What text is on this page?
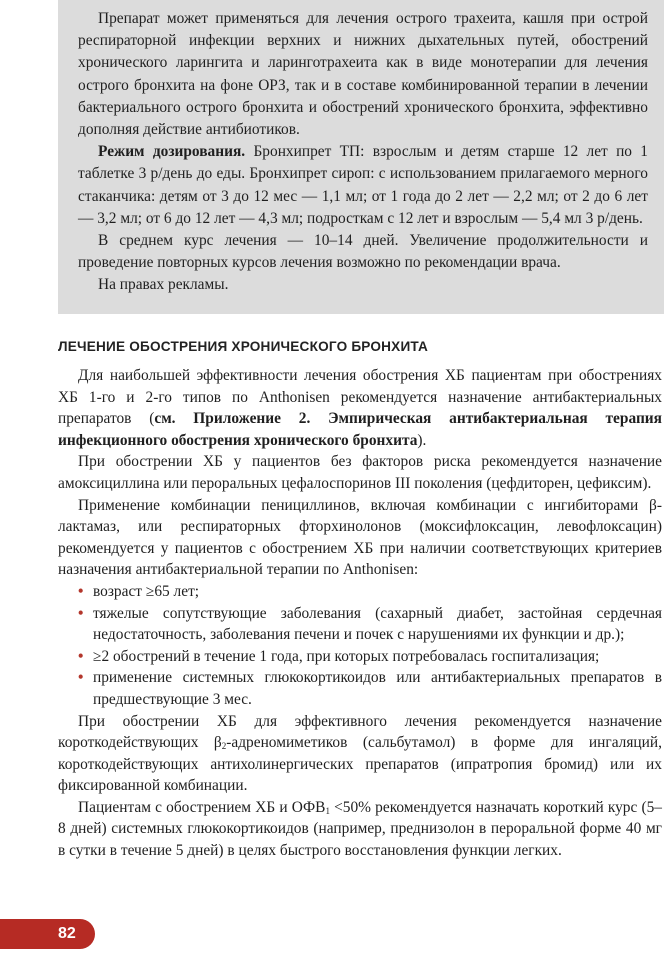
Препарат может применяться для лечения острого трахеита, кашля при острой респираторной инфекции верхних и нижних дыхательных путей, обострений хронического ларингита и ларинготрахеита как в виде монотерапии для лечения острого бронхита на фоне ОРЗ, так и в составе комбинированной терапии в лечении бактериального острого бронхита и обострений хронического бронхита, эффективно дополняя действие антибиотиков.

Режим дозирования. Бронхипрет ТП: взрослым и детям старше 12 лет по 1 таблетке 3 р/день до еды. Бронхипрет сироп: с использованием прилагаемого мерного стаканчика: детям от 3 до 12 мес — 1,1 мл; от 1 года до 2 лет — 2,2 мл; от 2 до 6 лет — 3,2 мл; от 6 до 12 лет — 4,3 мл; подросткам с 12 лет и взрослым — 5,4 мл 3 р/день.

В среднем курс лечения — 10–14 дней. Увеличение продолжительности и проведение повторных курсов лечения возможно по рекомендации врача.

На правах рекламы.

ЛЕЧЕНИЕ ОБОСТРЕНИЯ ХРОНИЧЕСКОГО БРОНХИТА

Для наибольшей эффективности лечения обострения ХБ пациентам при обострениях ХБ 1-го и 2-го типов по Anthonisen рекомендуется назначение антибактериальных препаратов (см. Приложение 2. Эмпирическая антибактериальная терапия инфекционного обострения хронического бронхита).

При обострении ХБ у пациентов без факторов риска рекомендуется назначение амоксициллина или пероральных цефалоспоринов III поколения (цефдиторен, цефиксим).

Применение комбинации пенициллинов, включая комбинации с ингибиторами β-лактамаз, или респираторных фторхинолонов (моксифлоксацин, левофлоксацин) рекомендуется у пациентов с обострением ХБ при наличии соответствующих критериев назначения антибактериальной терапии по Anthonisen:

• возраст ≥65 лет;
• тяжелые сопутствующие заболевания (сахарный диабет, застойная сердечная недостаточность, заболевания печени и почек с нарушениями их функции и др.);
• ≥2 обострений в течение 1 года, при которых потребовалась госпитализация;
• применение системных глюкокортикоидов или антибактериальных препаратов в предшествующие 3 мес.

При обострении ХБ для эффективного лечения рекомендуется назначение короткодействующих $\beta_2$-адреномиметиков (сальбутамол) в форме для ингаляций, короткодействующих антихолинергических препаратов (ипратропия бромид) или их фиксированной комбинации.

Пациентам с обострением ХБ и $ОФВ_1 <50\%$ рекомендуется назначать короткий курс (5–8 дней) системных глюкокортикоидов (например, преднизолон в пероральной форме 40 мг в сутки в течение 5 дней) в целях быстрого восстановления функции легких.

82
